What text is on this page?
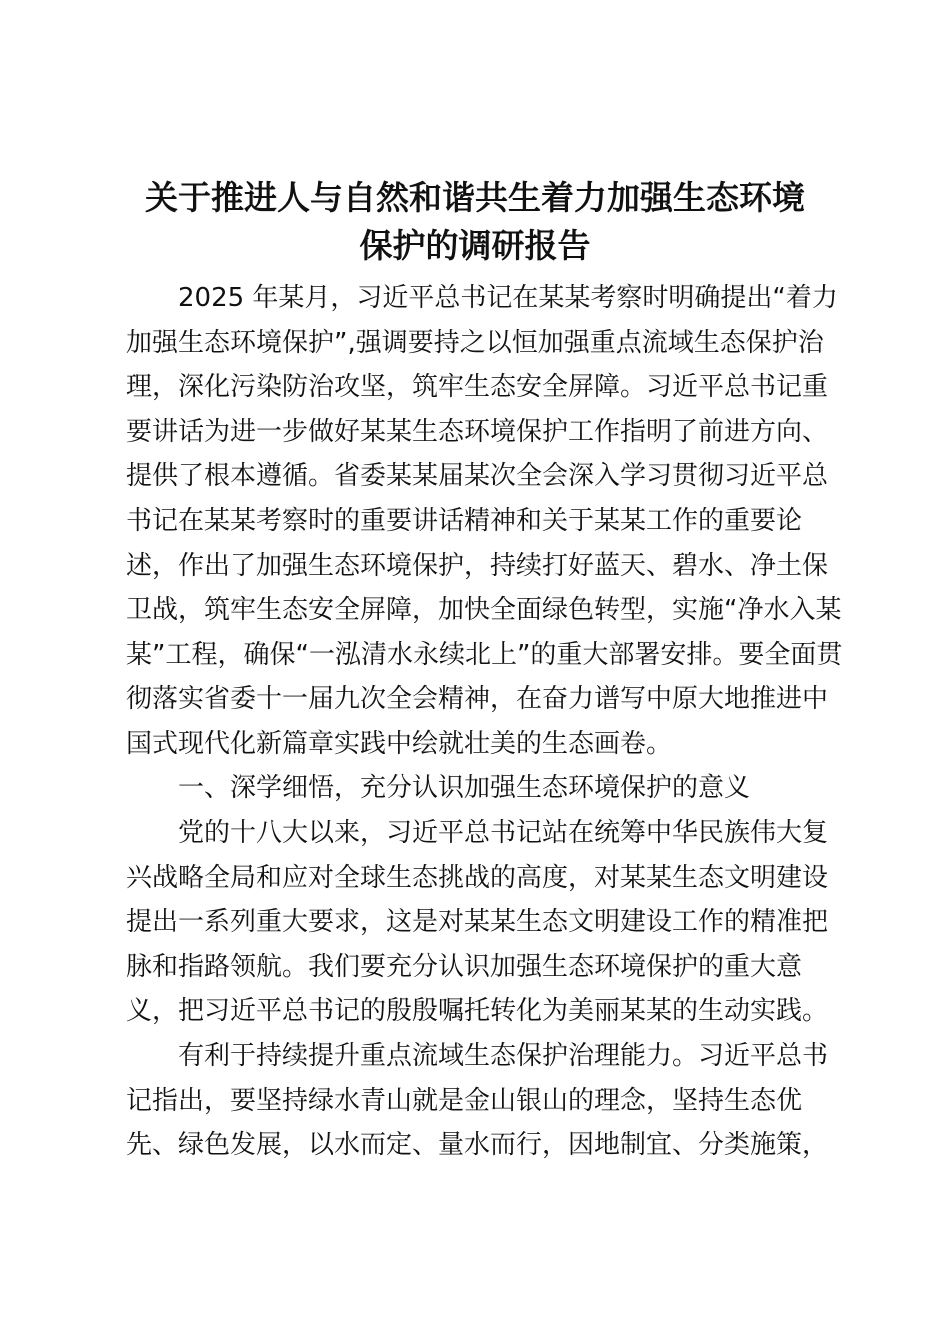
关于推进人与自然和谐共生着力加强生态环境
保护的调研报告
2025 年某月，习近平总书记在某某考察时明确提出“着力
加强生态环境保护”,强调要持之以恒加强重点流域生态保护治
理，深化污染防治攻坚，筑牢生态安全屏障。习近平总书记重
要讲话为进一步做好某某生态环境保护工作指明了前进方向、
提供了根本遵循。省委某某届某次全会深入学习贯彻习近平总
书记在某某考察时的重要讲话精神和关于某某工作的重要论
述，作出了加强生态环境保护，持续打好蓝天、碧水、净土保
卫战，筑牢生态安全屏障，加快全面绿色转型，实施“净水入某
某”工程，确保“一泓清水永续北上”的重大部署安排。要全面贯
彻落实省委十一届九次全会精神，在奋力谱写中原大地推进中
国式现代化新篇章实践中绘就壮美的生态画卷。
一、深学细悟，充分认识加强生态环境保护的意义
党的十八大以来，习近平总书记站在统筹中华民族伟大复
兴战略全局和应对全球生态挑战的高度，对某某生态文明建设
提出一系列重大要求，这是对某某生态文明建设工作的精准把
脉和指路领航。我们要充分认识加强生态环境保护的重大意
义，把习近平总书记的殷殷嘱托转化为美丽某某的生动实践。
有利于持续提升重点流域生态保护治理能力。习近平总书
记指出，要坚持绿水青山就是金山银山的理念，坚持生态优
先、绿色发展，以水而定、量水而行，因地制宜、分类施策，
